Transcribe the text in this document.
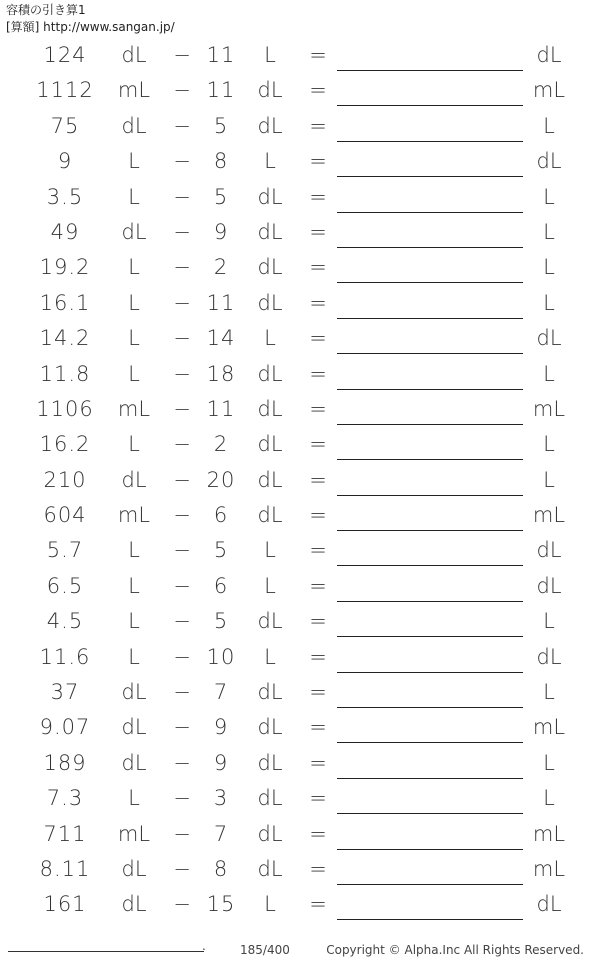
容積の引き算1
[算額] http://www.sangan.jp/
124	dL	− 11	L	=	dL
1112	mL	− 11	dL	=	mL
75	dL	−	5	dL	=	L
9	L	−	8	L	=	dL
3.5	L	−	5	dL	=	L
49	dL	−	9	dL	=	L
19.2	L	−	2	dL	=	L
16.1	L	− 11	dL	=	L
14.2	L	− 14	L	=	dL
11.8	L	− 18	dL	=	L
1106	mL	− 11	dL	=	mL
16.2	L	−	2	dL	=	L
210	dL	− 20	dL	=	L
604	mL	−	6	dL	=	mL
5.7	L	−	5	L	=	dL
6.5	L	−	6	L	=	dL
4.5	L	−	5	dL	=	L
11.6	L	− 10	L	=	dL
37	dL	−	7	dL	=	L
9.07	dL	−	9	dL	=	mL
189	dL	−	9	dL	=	L
7.3	L	−	3	dL	=	L
711	mL	−	7	dL	=	mL
8.11	dL	−	8	dL	=	mL
161	dL	− 15	L	=	dL
.	185/400	Copyright © Alpha.Inc All Rights Reserved.
